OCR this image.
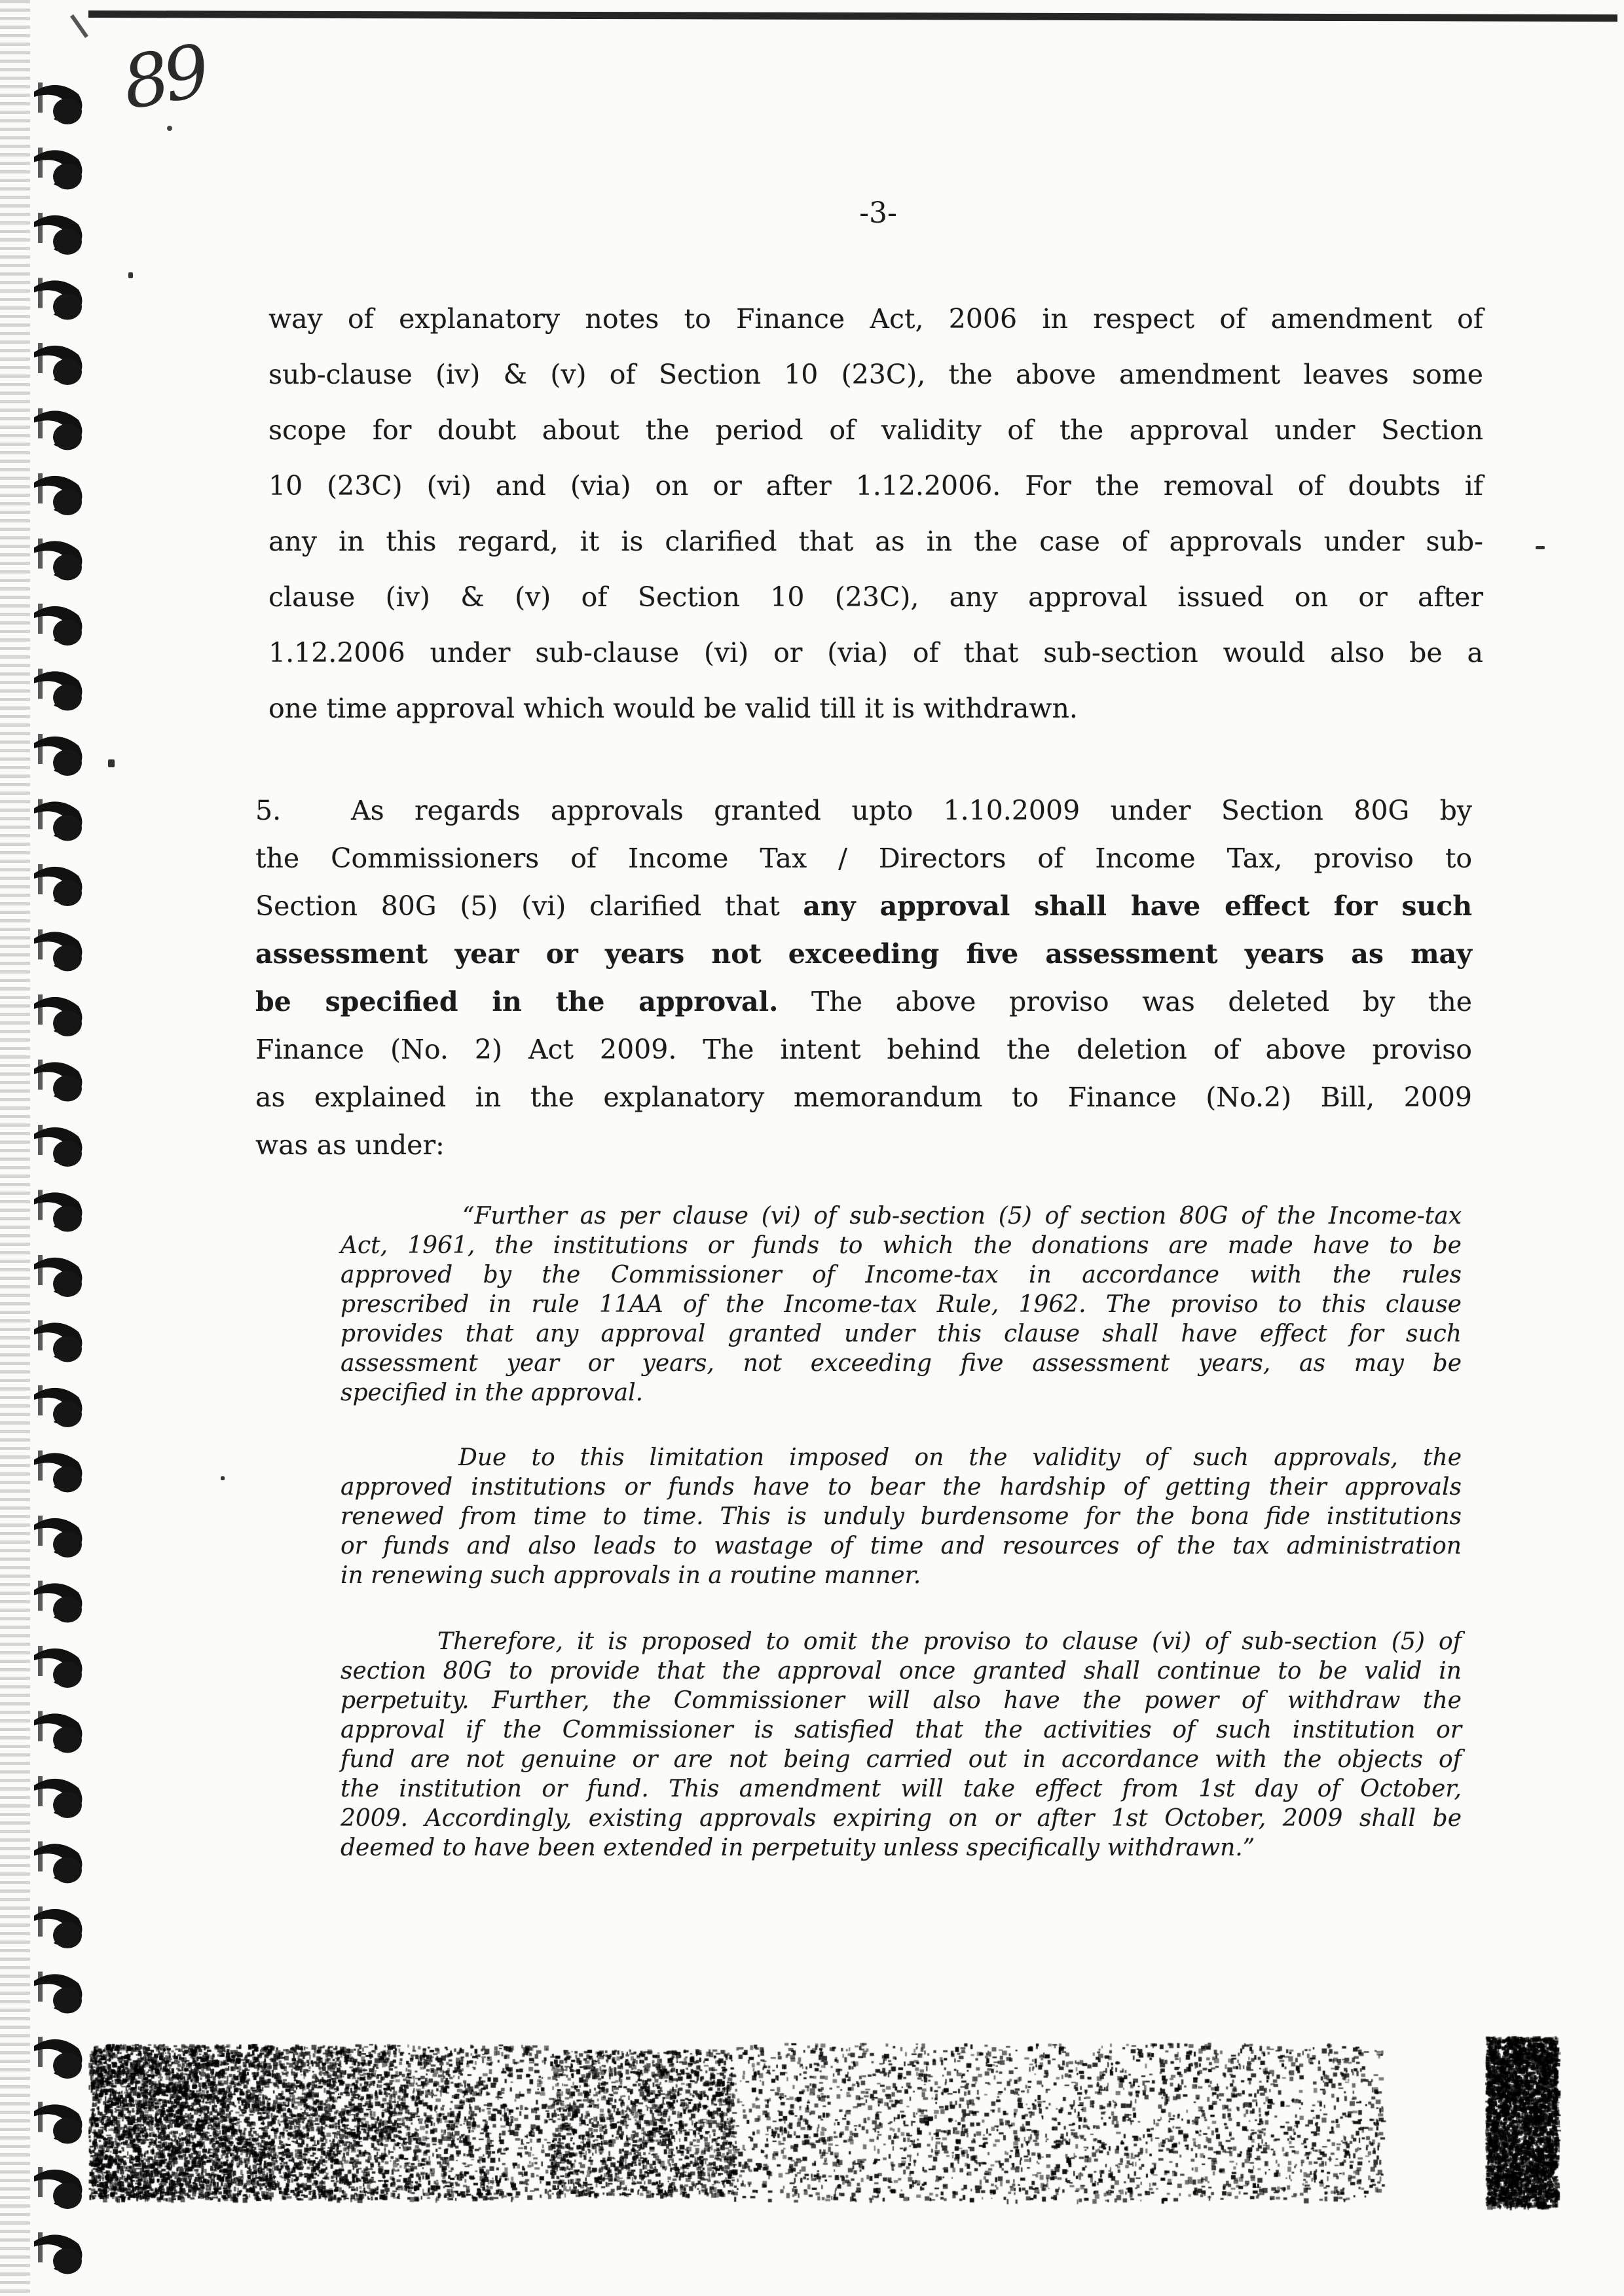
89
-3-
way of explanatory notes to Finance Act, 2006 in respect of amendment of
sub-clause (iv) & (v) of Section 10 (23C), the above amendment leaves some
scope for doubt about the period of validity of the approval under Section
10 (23C) (vi) and (via) on or after 1.12.2006. For the removal of doubts if
any in this regard, it is clarified that as in the case of approvals under sub-
clause (iv) & (v) of Section 10 (23C), any approval issued on or after
1.12.2006 under sub-clause (vi) or (via) of that sub-section would also be a
one time approval which would be valid till it is withdrawn.
5.	As regards approvals granted upto 1.10.2009 under Section 80G by
the Commissioners of Income Tax / Directors of Income Tax, proviso to
Section 80G (5) (vi) clarified that any approval shall have effect for such
assessment year or years not exceeding five assessment years as may
be specified in the approval. The above proviso was deleted by the
Finance (No. 2) Act 2009. The intent behind the deletion of above proviso
as explained in the explanatory memorandum to Finance (No.2) Bill, 2009
was as under:
“Further as per clause (vi) of sub-section (5) of section 80G of the Income-tax
Act, 1961, the institutions or funds to which the donations are made have to be
approved by the Commissioner of Income-tax in accordance with the rules
prescribed in rule 11AA of the Income-tax Rule, 1962. The proviso to this clause
provides that any approval granted under this clause shall have effect for such
assessment year or years, not exceeding five assessment years, as may be
specified in the approval.
Due to this limitation imposed on the validity of such approvals, the
approved institutions or funds have to bear the hardship of getting their approvals
renewed from time to time. This is unduly burdensome for the bona fide institutions
or funds and also leads to wastage of time and resources of the tax administration
in renewing such approvals in a routine manner.
Therefore, it is proposed to omit the proviso to clause (vi) of sub-section (5) of
section 80G to provide that the approval once granted shall continue to be valid in
perpetuity. Further, the Commissioner will also have the power of withdraw the
approval if the Commissioner is satisfied that the activities of such institution or
fund are not genuine or are not being carried out in accordance with the objects of
the institution or fund. This amendment will take effect from 1st day of October,
2009. Accordingly, existing approvals expiring on or after 1st October, 2009 shall be
deemed to have been extended in perpetuity unless specifically withdrawn.”
